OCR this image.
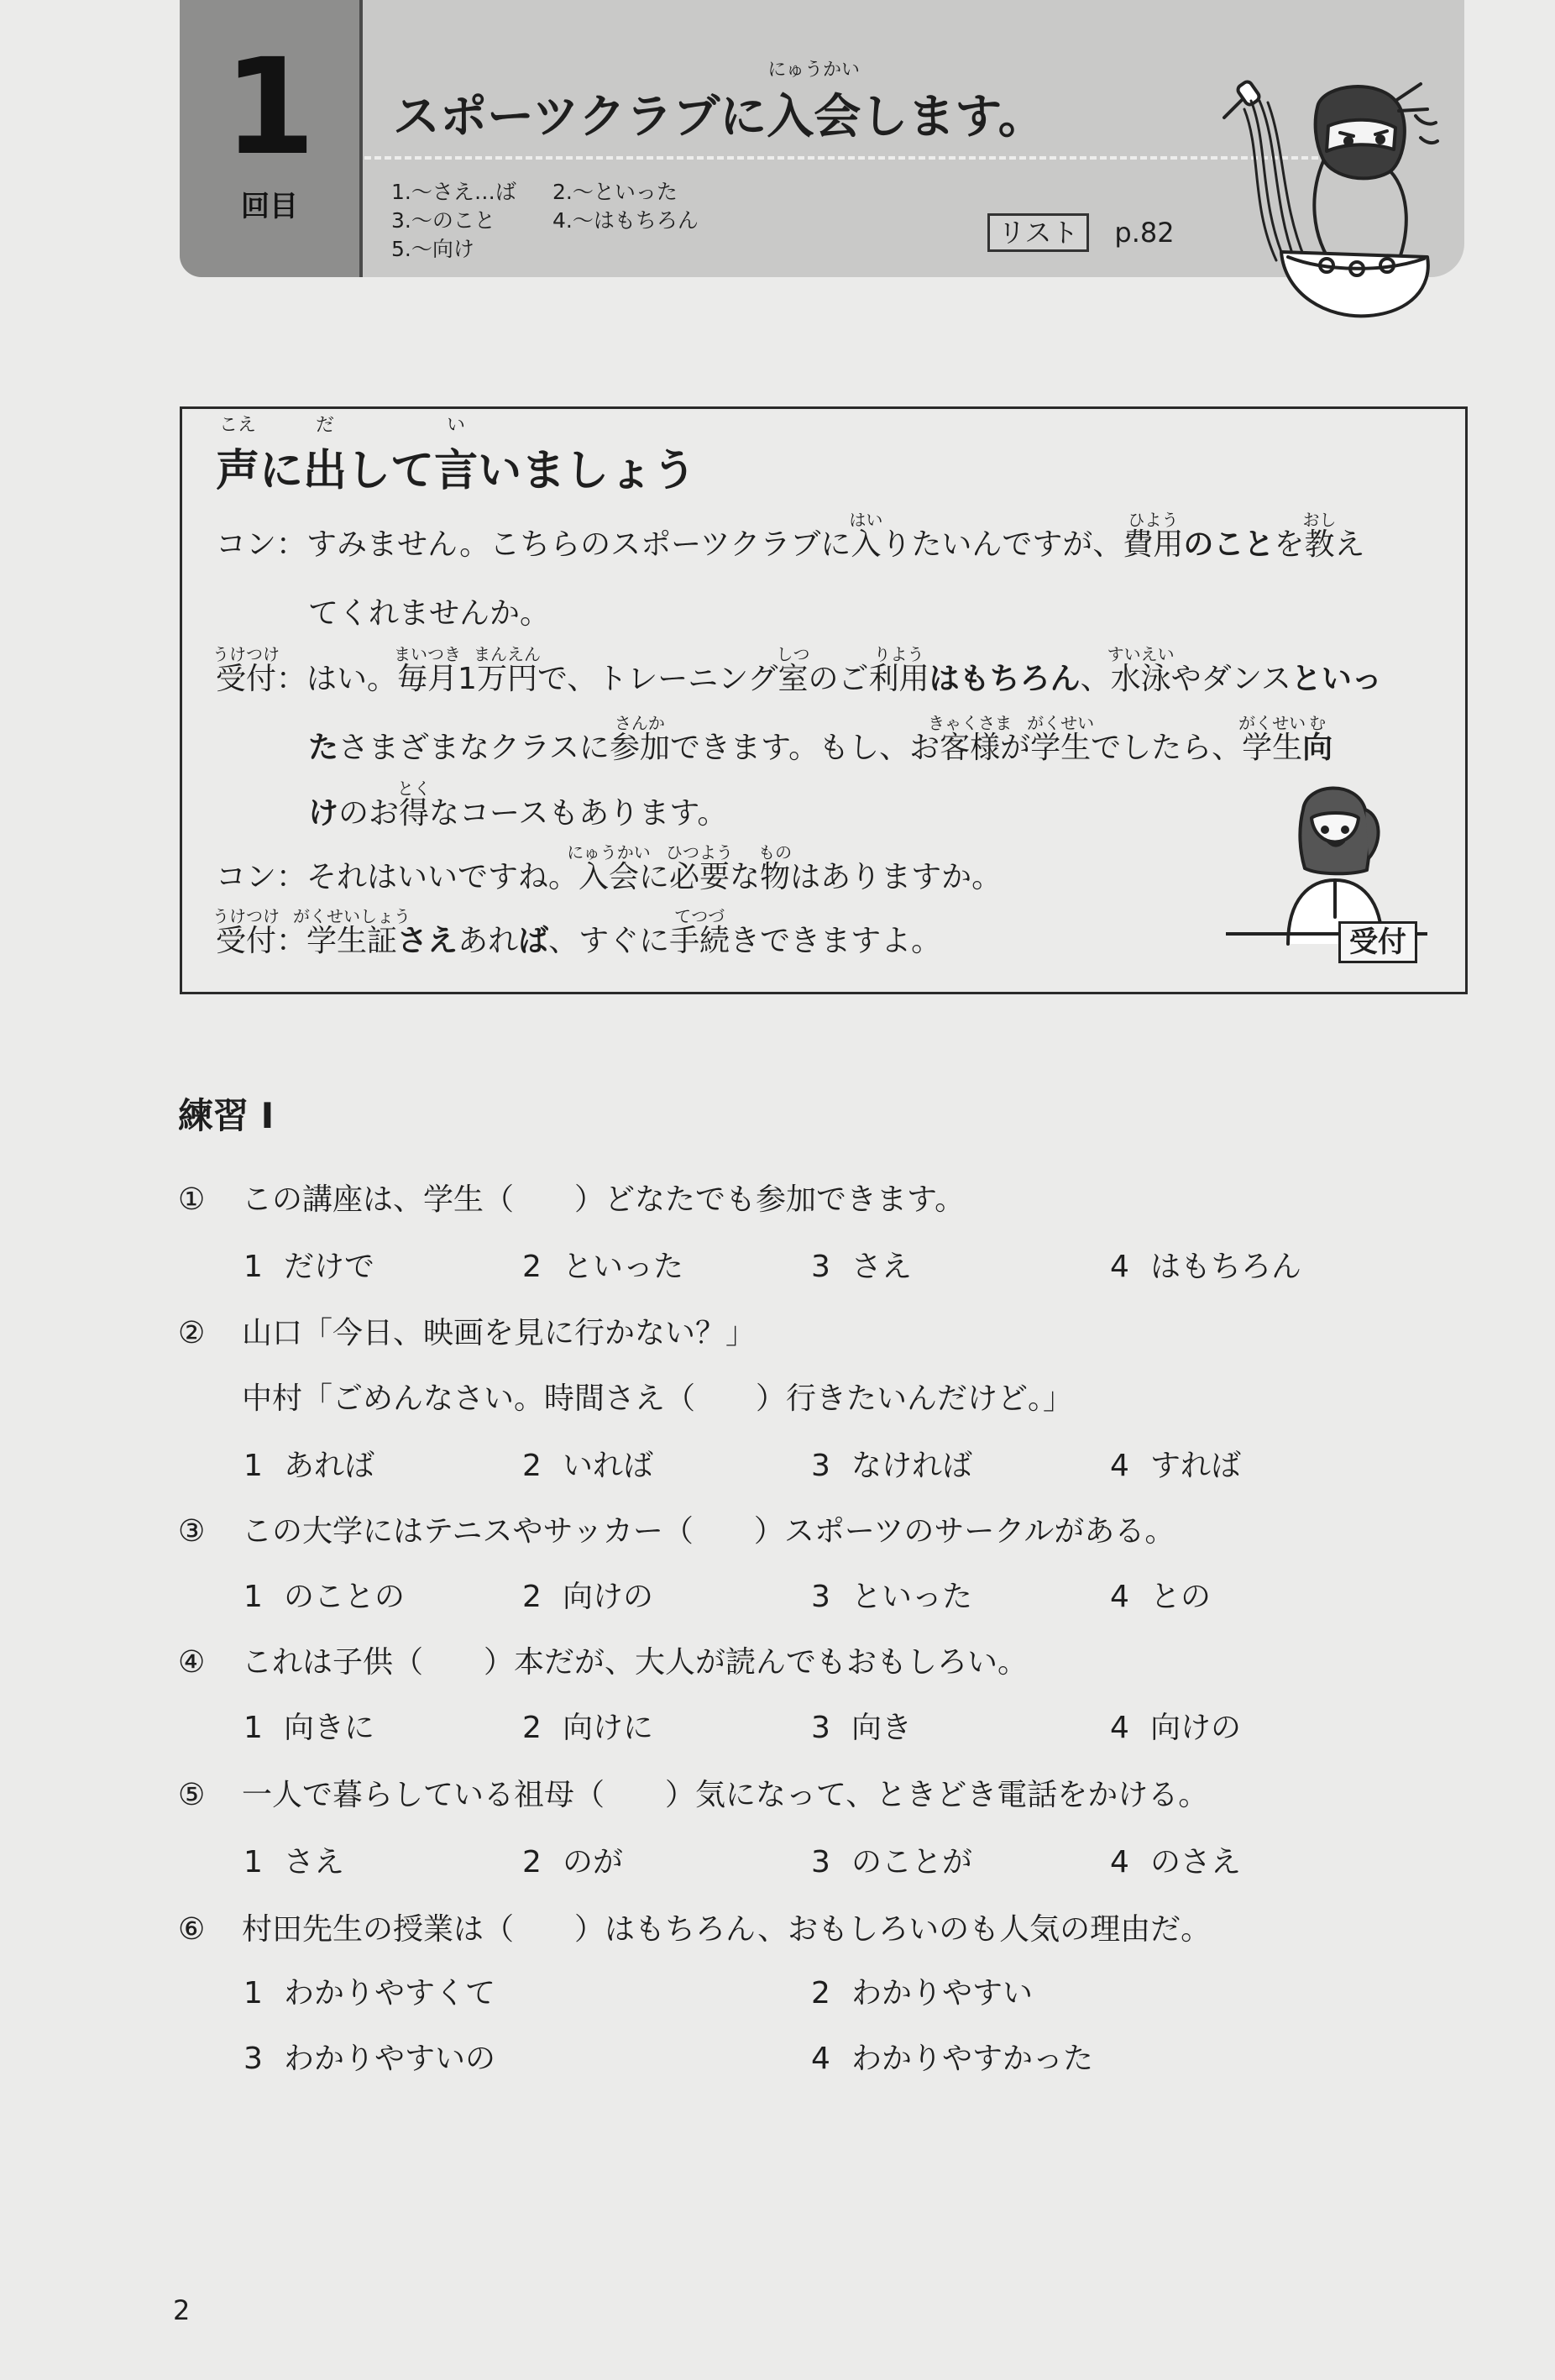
1
回目
スポーツクラブに入会
にゅうかい
します。
1.〜さえ…ば 2.〜といった
3.〜のこと	4.〜はもちろん
5.〜向け
リスト p.82
声
こえ
に出
だ
して言
い
いましょう
コン：すみません。こちらのスポーツクラブに入
はい
りたいんですが、費用
ひよう
のことを教
おし
え
てくれませんか。
受付
うけつけ
：はい。毎月
まいつき
1万円
まんえん
で、トレーニング室
しつ
のご利用
りよう
はもちろん、水泳
すいえい
やダンスといっ
たさまざまなクラスに参加
さんか
できます。もし、お客様
きゃくさま
が学生
がくせい
でしたら、学生
がくせい
向
む
けのお得
とく
なコースもあります。
コン：それはいいですね。入会
にゅうかい
に必要
ひつよう
な物
もの
はありますか。
受付
うけつけ
：学生証
がくせいしょう
さえあれば、すぐに手続
てつづ
きできますよ。	受付
練習 I
① この講座は、学生（　　）どなたでも参加できます。
1 だけで	2 といった	3 さえ	4 はもちろん
② 山口「今日、映画を見に行かない？」
中村「ごめんなさい。時間さえ（　　）行きたいんだけど。」
1 あれば	2 いれば	3 なければ	4 すれば
③ この大学にはテニスやサッカー（　　）スポーツのサークルがある。
1 のことの	2 向けの	3 といった	4 との
④ これは子供（　　）本だが、大人が読んでもおもしろい。
1 向きに	2 向けに	3 向き	4 向けの
⑤ 一人で暮らしている祖母（　　）気になって、ときどき電話をかける。
1 さえ	2 のが	3 のことが	4 のさえ
⑥ 村田先生の授業は（　　）はもちろん、おもしろいのも人気の理由だ。
1 わかりやすくて	2 わかりやすい
3 わかりやすいの	4 わかりやすかった
2
